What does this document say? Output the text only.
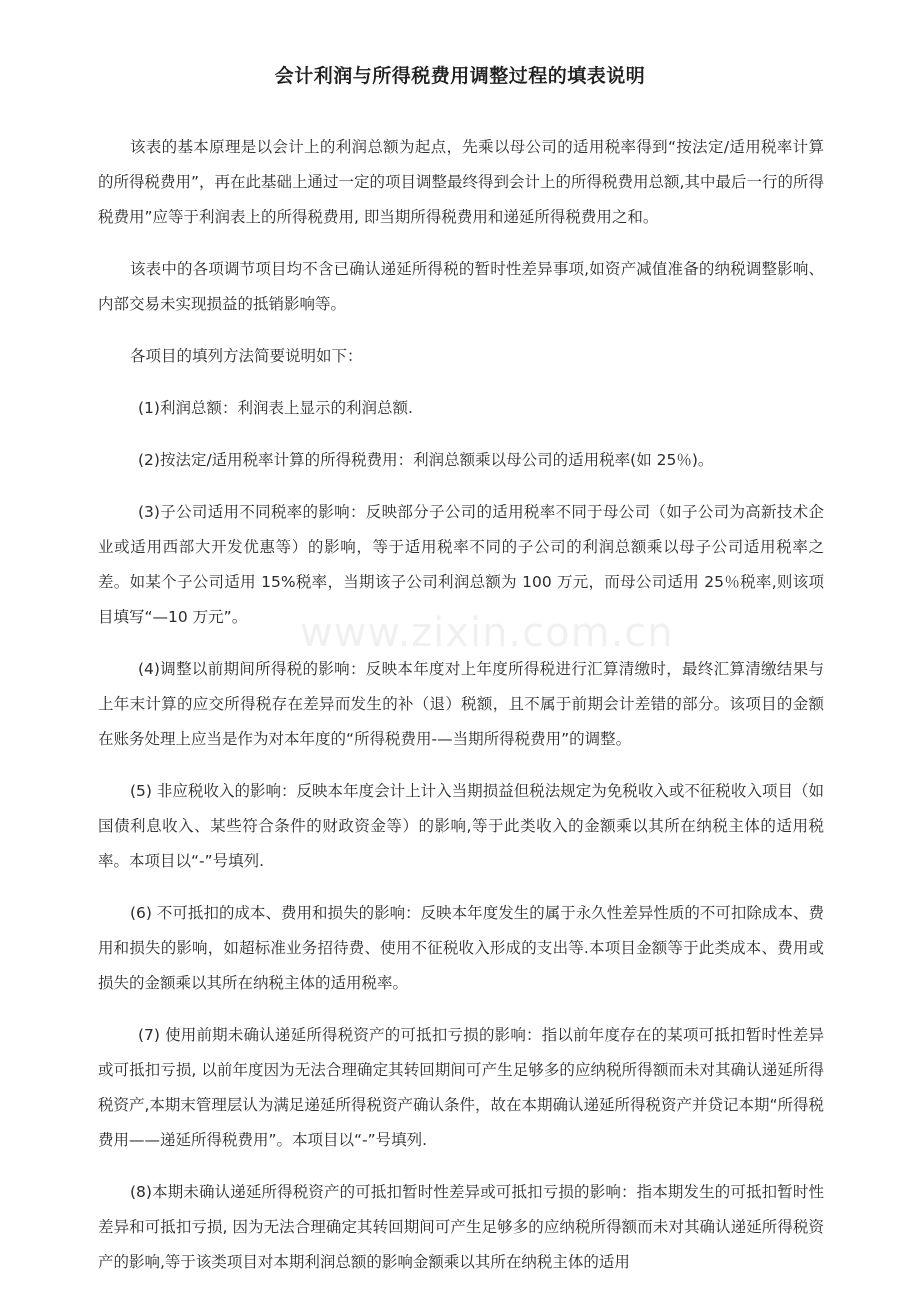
www.zixin.com.cn
会计利润与所得税费用调整过程的填表说明

该表的基本原理是以会计上的利润总额为起点，先乘以母公司的适用税率得到“按法定/适用税率计算的所得税费用”，再在此基础上通过一定的项目调整最终得到会计上的所得税费用总额,其中最后一行的所得税费用”应等于利润表上的所得税费用, 即当期所得税费用和递延所得税费用之和。

该表中的各项调节项目均不含已确认递延所得税的暂时性差异事项,如资产减值准备的纳税调整影响、内部交易未实现损益的抵销影响等。

各项目的填列方法简要说明如下：

(1)利润总额：利润表上显示的利润总额.

(2)按法定/适用税率计算的所得税费用：利润总额乘以母公司的适用税率(如 25％)。

(3)子公司适用不同税率的影响：反映部分子公司的适用税率不同于母公司（如子公司为高新技术企业或适用西部大开发优惠等）的影响，等于适用税率不同的子公司的利润总额乘以母子公司适用税率之差。如某个子公司适用 15%税率，当期该子公司利润总额为 100 万元，而母公司适用 25％税率,则该项目填写“—10 万元”。

(4)调整以前期间所得税的影响：反映本年度对上年度所得税进行汇算清缴时，最终汇算清缴结果与上年末计算的应交所得税存在差异而发生的补（退）税额，且不属于前期会计差错的部分。该项目的金额在账务处理上应当是作为对本年度的“所得税费用-—当期所得税费用”的调整。

(5) 非应税收入的影响：反映本年度会计上计入当期损益但税法规定为免税收入或不征税收入项目（如国债利息收入、某些符合条件的财政资金等）的影响,等于此类收入的金额乘以其所在纳税主体的适用税率。本项目以“-”号填列.

(6) 不可抵扣的成本、费用和损失的影响：反映本年度发生的属于永久性差异性质的不可扣除成本、费用和损失的影响，如超标准业务招待费、使用不征税收入形成的支出等.本项目金额等于此类成本、费用或损失的金额乘以其所在纳税主体的适用税率。

(7) 使用前期未确认递延所得税资产的可抵扣亏损的影响：指以前年度存在的某项可抵扣暂时性差异或可抵扣亏损, 以前年度因为无法合理确定其转回期间可产生足够多的应纳税所得额而未对其确认递延所得税资产,本期末管理层认为满足递延所得税资产确认条件，故在本期确认递延所得税资产并贷记本期“所得税费用——递延所得税费用”。本项目以“-”号填列.

(8)本期未确认递延所得税资产的可抵扣暂时性差异或可抵扣亏损的影响：指本期发生的可抵扣暂时性差异和可抵扣亏损, 因为无法合理确定其转回期间可产生足够多的应纳税所得额而未对其确认递延所得税资产的影响,等于该类项目对本期利润总额的影响金额乘以其所在纳税主体的适用
